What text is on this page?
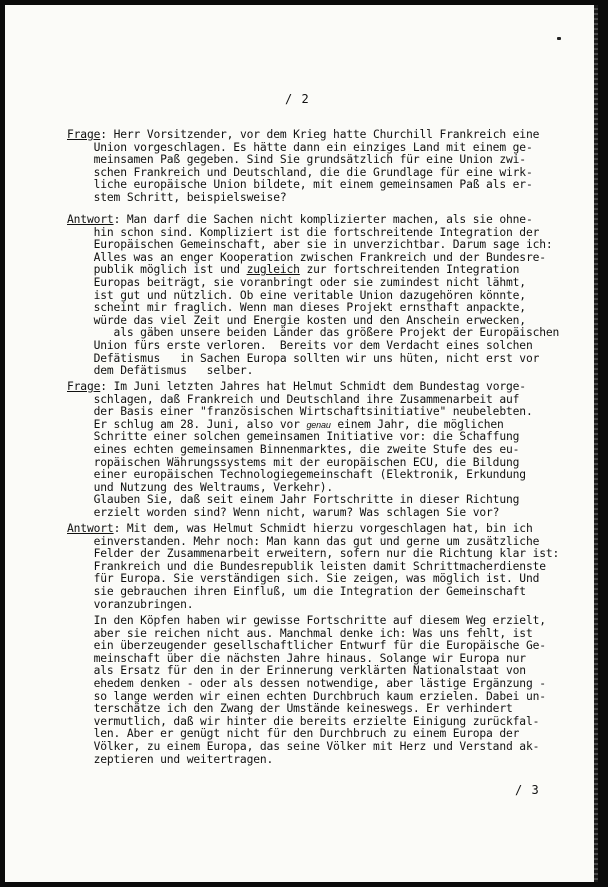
/ 2
Frage: Herr Vorsitzender, vor dem Krieg hatte Churchill Frankreich eine
Union vorgeschlagen. Es hätte dann ein einziges Land mit einem ge-
meinsamen Paß gegeben. Sind Sie grundsätzlich für eine Union zwi-
schen Frankreich und Deutschland, die die Grundlage für eine wirk-
liche europäische Union bildete, mit einem gemeinsamen Paß als er-
stem Schritt, beispielsweise?
Antwort: Man darf die Sachen nicht komplizierter machen, als sie ohne-
hin schon sind. Kompliziert ist die fortschreitende Integration der
Europäischen Gemeinschaft, aber sie in unverzichtbar. Darum sage ich:
Alles was an enger Kooperation zwischen Frankreich und der Bundesre-
publik möglich ist und zugleich zur fortschreitenden Integration
Europas beiträgt, sie voranbringt oder sie zumindest nicht lähmt,
ist gut und nützlich. Ob eine veritable Union dazugehören könnte,
scheint mir fraglich. Wenn man dieses Projekt ernsthaft anpackte,
würde das viel Zeit und Energie kosten und den Anschein erwecken,
als gäben unsere beiden Länder das größere Projekt der Europäischen
Union fürs erste verloren.  Bereits vor dem Verdacht eines solchen
Defätismus   in Sachen Europa sollten wir uns hüten, nicht erst vor
dem Defätismus   selber.
Frage: Im Juni letzten Jahres hat Helmut Schmidt dem Bundestag vorge-
schlagen, daß Frankreich und Deutschland ihre Zusammenarbeit auf
der Basis einer "französischen Wirtschaftsinitiative" neubelebten.
Er schlug am 28. Juni, also vor genau einem Jahr, die möglichen
Schritte einer solchen gemeinsamen Initiative vor: die Schaffung
eines echten gemeinsamen Binnenmarktes, die zweite Stufe des eu-
ropäischen Währungssystems mit der europäischen ECU, die Bildung
einer europäischen Technologiegemeinschaft (Elektronik, Erkundung
und Nutzung des Weltraums, Verkehr).
Glauben Sie, daß seit einem Jahr Fortschritte in dieser Richtung
erzielt worden sind? Wenn nicht, warum? Was schlagen Sie vor?
Antwort: Mit dem, was Helmut Schmidt hierzu vorgeschlagen hat, bin ich
einverstanden. Mehr noch: Man kann das gut und gerne um zusätzliche
Felder der Zusammenarbeit erweitern, sofern nur die Richtung klar ist:
Frankreich und die Bundesrepublik leisten damit Schrittmacherdienste
für Europa. Sie verständigen sich. Sie zeigen, was möglich ist. Und
sie gebrauchen ihren Einfluß, um die Integration der Gemeinschaft
voranzubringen.
In den Köpfen haben wir gewisse Fortschritte auf diesem Weg erzielt,
aber sie reichen nicht aus. Manchmal denke ich: Was uns fehlt, ist
ein überzeugender gesellschaftlicher Entwurf für die Europäische Ge-
meinschaft über die nächsten Jahre hinaus. Solange wir Europa nur
als Ersatz für den in der Erinnerung verklärten Nationalstaat von
ehedem denken - oder als dessen notwendige, aber lästige Ergänzung -
so lange werden wir einen echten Durchbruch kaum erzielen. Dabei un-
terschätze ich den Zwang der Umstände keineswegs. Er verhindert
vermutlich, daß wir hinter die bereits erzielte Einigung zurückfal-
len. Aber er genügt nicht für den Durchbruch zu einem Europa der
Völker, zu einem Europa, das seine Völker mit Herz und Verstand ak-
zeptieren und weitertragen.
/ 3
